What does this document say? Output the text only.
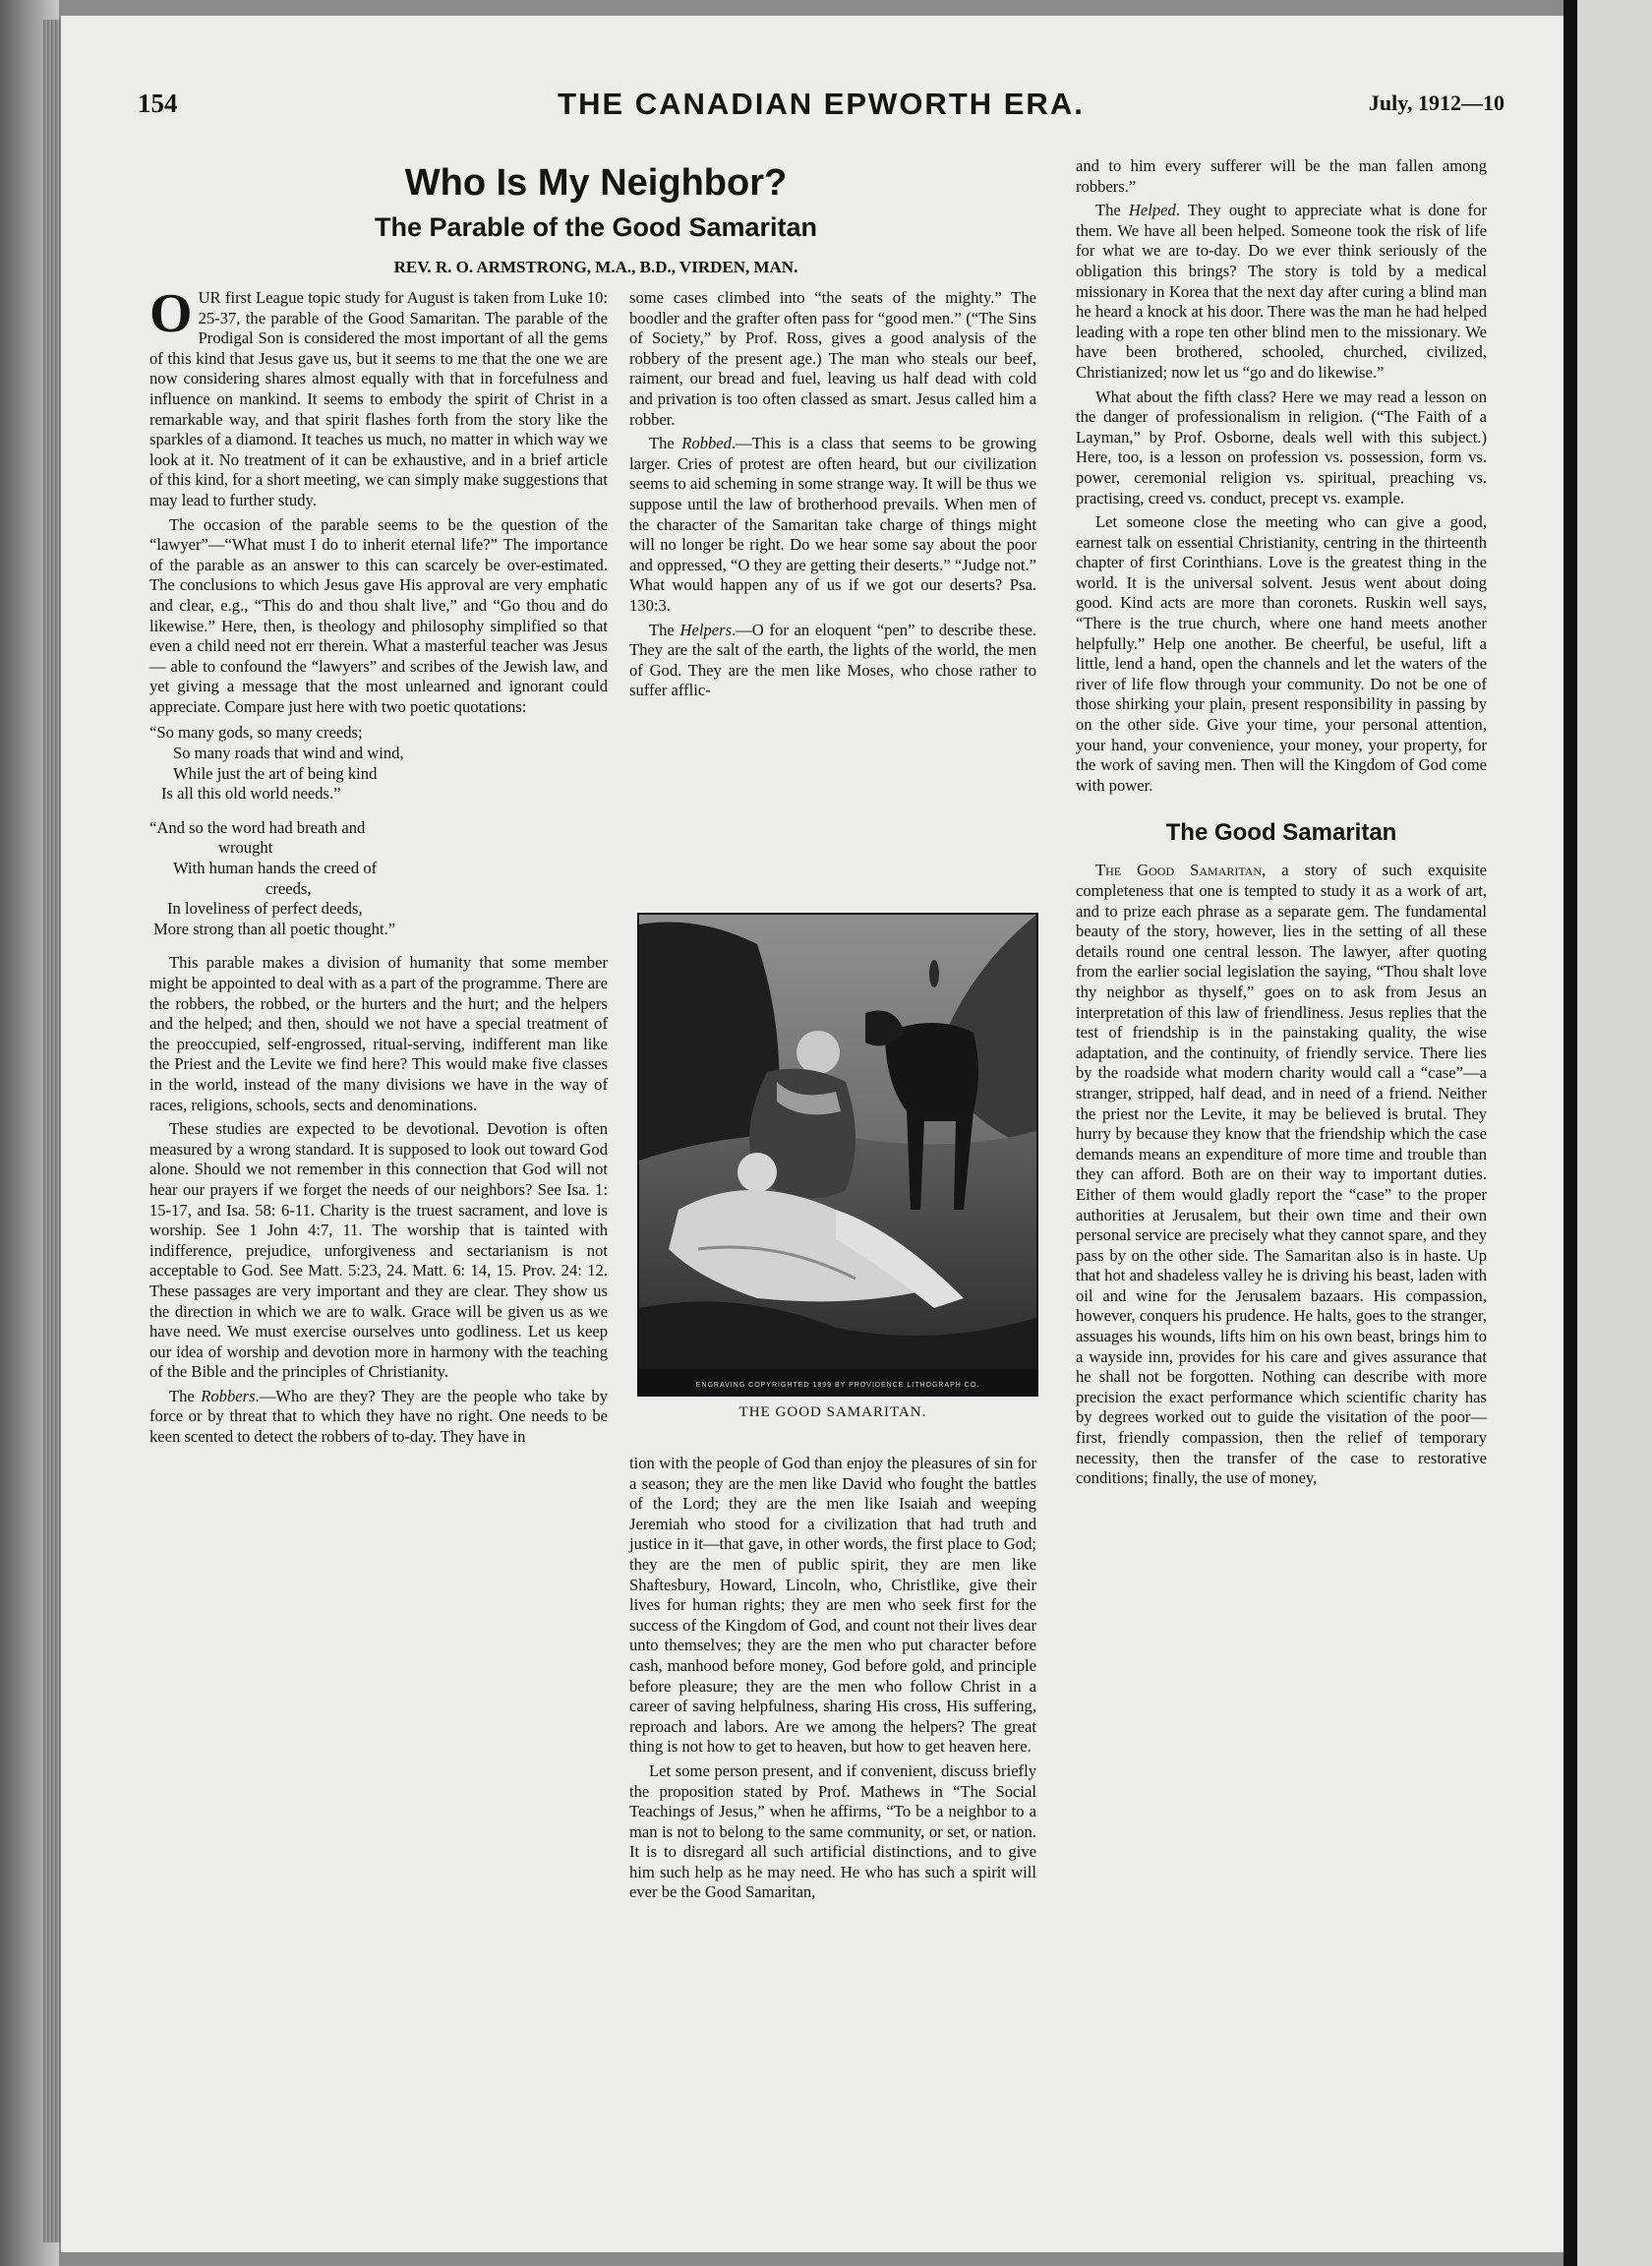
154	THE CANADIAN EPWORTH ERA.	July, 1912—10
Who Is My Neighbor?
The Parable of the Good Samaritan
REV. R. O. ARMSTRONG, M.A., B.D., VIRDEN, MAN.

OUR first League topic study for August is taken from Luke 10: 25-37, the parable of the Good Samaritan. The parable of the Prodigal Son is considered the most important of all the gems of this kind that Jesus gave us, but it seems to me that the one we are now considering shares almost equally with that in forcefulness and influence on mankind. It seems to embody the spirit of Christ in a remarkable way, and that spirit flashes forth from the story like the sparkles of a diamond. It teaches us much, no matter in which way we look at it. No treatment of it can be exhaustive, and in a brief article of this kind, for a short meeting, we can simply make suggestions that may lead to further study.

The occasion of the parable seems to be the question of the “lawyer”—“What must I do to inherit eternal life?” The importance of the parable as an answer to this can scarcely be over-estimated. The conclusions to which Jesus gave His approval are very emphatic and clear, e.g., “This do and thou shalt live,” and “Go thou and do likewise.” Here, then, is theology and philosophy simplified so that even a child need not err therein. What a masterful teacher was Jesus — able to confound the “lawyers” and scribes of the Jewish law, and yet giving a message that the most unlearned and ignorant could appreciate. Compare just here with two poetic quotations:

“So many gods, so many creeds;
So many roads that wind and wind,
While just the art of being kind
Is all this old world needs.”
“And so the word had breath and
wrought
With human hands the creed of
creeds,
In loveliness of perfect deeds,
More strong than all poetic thought.”

This parable makes a division of humanity that some member might be appointed to deal with as a part of the programme. There are the robbers, the robbed, or the hurters and the hurt; and the helpers and the helped; and then, should we not have a special treatment of the preoccupied, self-engrossed, ritual-serving, indifferent man like the Priest and the Levite we find here? This would make five classes in the world, instead of the many divisions we have in the way of races, religions, schools, sects and denominations.

These studies are expected to be devotional. Devotion is often measured by a wrong standard. It is supposed to look out toward God alone. Should we not remember in this connection that God will not hear our prayers if we forget the needs of our neighbors? See Isa. 1: 15-17, and Isa. 58: 6-11. Charity is the truest sacrament, and love is worship. See 1 John 4:7, 11. The worship that is tainted with indifference, prejudice, unforgiveness and sectarianism is not acceptable to God. See Matt. 5:23, 24. Matt. 6: 14, 15. Prov. 24: 12. These passages are very important and they are clear. They show us the direction in which we are to walk. Grace will be given us as we have need. We must exercise ourselves unto godliness. Let us keep our idea of worship and devotion more in harmony with the teaching of the Bible and the principles of Christianity.

The Robbers.—Who are they? They are the people who take by force or by threat that to which they have no right. One needs to be keen scented to detect the robbers of to-day. They have in

some cases climbed into “the seats of the mighty.” The boodler and the grafter often pass for “good men.” (“The Sins of Society,” by Prof. Ross, gives a good analysis of the robbery of the present age.) The man who steals our beef, raiment, our bread and fuel, leaving us half dead with cold and privation is too often classed as smart. Jesus called him a robber.

The Robbed.—This is a class that seems to be growing larger. Cries of protest are often heard, but our civilization seems to aid scheming in some strange way. It will be thus we suppose until the law of brotherhood prevails. When men of the character of the Samaritan take charge of things might will no longer be right. Do we hear some say about the poor and oppressed, “O they are getting their deserts.” “Judge not.” What would happen any of us if we got our deserts? Psa. 130:3.

The Helpers.—O for an eloquent “pen” to describe these. They are the salt of the earth, the lights of the world, the men of God. They are the men like Moses, who chose rather to suffer afflic-

ENGRAVING COPYRIGHTED 1899 BY PROVIDENCE LITHOGRAPH CO.
THE GOOD SAMARITAN.

tion with the people of God than enjoy the pleasures of sin for a season; they are the men like David who fought the battles of the Lord; they are the men like Isaiah and weeping Jeremiah who stood for a civilization that had truth and justice in it—that gave, in other words, the first place to God; they are the men of public spirit, they are men like Shaftesbury, Howard, Lincoln, who, Christlike, give their lives for human rights; they are men who seek first for the success of the Kingdom of God, and count not their lives dear unto themselves; they are the men who put character before cash, manhood before money, God before gold, and principle before pleasure; they are the men who follow Christ in a career of saving helpfulness, sharing His cross, His suffering, reproach and labors. Are we among the helpers? The great thing is not how to get to heaven, but how to get heaven here.

Let some person present, and if convenient, discuss briefly the proposition stated by Prof. Mathews in “The Social Teachings of Jesus,” when he affirms, “To be a neighbor to a man is not to belong to the same community, or set, or nation. It is to disregard all such artificial distinctions, and to give him such help as he may need. He who has such a spirit will ever be the Good Samaritan,

and to him every sufferer will be the man fallen among robbers.”

The Helped. They ought to appreciate what is done for them. We have all been helped. Someone took the risk of life for what we are to-day. Do we ever think seriously of the obligation this brings? The story is told by a medical missionary in Korea that the next day after curing a blind man he heard a knock at his door. There was the man he had helped leading with a rope ten other blind men to the missionary. We have been brothered, schooled, churched, civilized, Christianized; now let us “go and do likewise.”

What about the fifth class? Here we may read a lesson on the danger of professionalism in religion. (“The Faith of a Layman,” by Prof. Osborne, deals well with this subject.) Here, too, is a lesson on profession vs. possession, form vs. power, ceremonial religion vs. spiritual, preaching vs. practising, creed vs. conduct, precept vs. example.

Let someone close the meeting who can give a good, earnest talk on essential Christianity, centring in the thirteenth chapter of first Corinthians. Love is the greatest thing in the world. It is the universal solvent. Jesus went about doing good. Kind acts are more than coronets. Ruskin well says, “There is the true church, where one hand meets another helpfully.” Help one another. Be cheerful, be useful, lift a little, lend a hand, open the channels and let the waters of the river of life flow through your community. Do not be one of those shirking your plain, present responsibility in passing by on the other side. Give your time, your personal attention, your hand, your convenience, your money, your property, for the work of saving men. Then will the Kingdom of God come with power.

The Good Samaritan

The Good Samaritan, a story of such exquisite completeness that one is tempted to study it as a work of art, and to prize each phrase as a separate gem. The fundamental beauty of the story, however, lies in the setting of all these details round one central lesson. The lawyer, after quoting from the earlier social legislation the saying, “Thou shalt love thy neighbor as thyself,” goes on to ask from Jesus an interpretation of this law of friendliness. Jesus replies that the test of friendship is in the painstaking quality, the wise adaptation, and the continuity, of friendly service. There lies by the roadside what modern charity would call a “case”—a stranger, stripped, half dead, and in need of a friend. Neither the priest nor the Levite, it may be believed is brutal. They hurry by because they know that the friendship which the case demands means an expenditure of more time and trouble than they can afford. Both are on their way to important duties. Either of them would gladly report the “case” to the proper authorities at Jerusalem, but their own time and their own personal service are precisely what they cannot spare, and they pass by on the other side. The Samaritan also is in haste. Up that hot and shadeless valley he is driving his beast, laden with oil and wine for the Jerusalem bazaars. His compassion, however, conquers his prudence. He halts, goes to the stranger, assuages his wounds, lifts him on his own beast, brings him to a wayside inn, provides for his care and gives assurance that he shall not be forgotten. Nothing can describe with more precision the exact performance which scientific charity has by degrees worked out to guide the visitation of the poor—first, friendly compassion, then the relief of temporary necessity, then the transfer of the case to restorative conditions; finally, the use of money,
